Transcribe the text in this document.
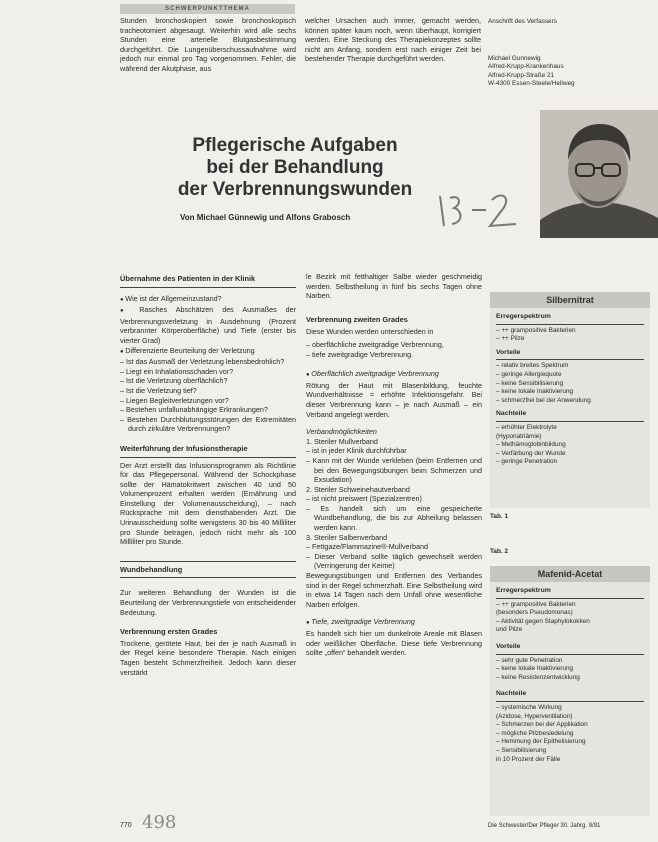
SCHWERPUNKTTHEMA
Stunden bronchoskopiert sowie bronchoskopisch tracheotomiert abgesaugt. Weiterhin wird alle sechs Stunden eine arterielle Blutgasbestimmung durchgeführt. Die Lungenüberschussaufnahme wird jedoch nur einmal pro Tag vorgenommen. Fehler, die während der Akutphase, aus
welcher Ursachen auch immer, gemacht werden, können später kaum noch, wenn überhaupt, korrigiert werden. Eine Steckung des Therapiekonzeptes sollte nicht am Anfang, sondern erst nach einiger Zeit bei bestehender Therapie durchgeführt werden.
Anschrift des Verfassers
Michael Gunnewig
Alfred-Krupp-Krankenhaus
Alfred-Krupp-Straße 21
W-4300 Essen-Steele/Hellweg
Pflegerische Aufgaben
bei der Behandlung
der Verbrennungswunden
Von Michael Günnewig und Alfons Grabosch
15-2
Übernahme des Patienten in der Klinik

● Wie ist der Allgemeinzustand?

● Rasches Abschätzen des Ausmaßes der Verbrennungsverletzung in Ausdehnung (Prozent verbrannter Körperoberfläche) und Tiefe (erster bis vierter Grad)

● Differenzierte Beurteilung der Verletzung

– Ist das Ausmaß der Verletzung lebensbedrohlich?

– Liegt ein Inhalationsschaden vor?

– Ist die Verletzung oberflächlich?

– Ist die Verletzung tief?

– Liegen Begleitverletzungen vor?

– Bestehen unfallunabhängige Erkrankungen?

– Bestehen Durchblutungsstörungen der Extremitäten durch zirkuläre Verbrennungen?

Weiterführung der Infusionstherapie

Der Arzt erstellt das Infusionsprogramm als Richtlinie für das Pflegepersonal. Während der Schockphase sollte der Hämatokritwert zwischen 40 und 50 Volumenprozent erhalten werden (Ernährung und Einstellung der Volumenausscheidung), – nach Rücksprache mit dem diensthabenden Arzt. Die Urinausscheidung sollte wenigstens 30 bis 40 Milliliter pro Stunde betragen, jedoch nicht mehr als 100 Milliliter pro Stunde.

Wundbehandlung

Zur weiteren Behandlung der Wunden ist die Beurteilung der Verbrennungstiefe von entscheidender Bedeutung.

Verbrennung ersten Grades

Trockene, gerötete Haut, bei der je nach Ausmaß in der Regel keine besondere Therapie. Nach einigen Tagen besteht Schmerzfreiheit. Jedoch kann dieser verstärkt

le Bezirk mit fetthaltiger Salbe wieder geschmeidig werden. Selbstheilung in fünf bis sechs Tagen ohne Narben.

Verbrennung zweiten Grades

Diese Wunden werden unterschieden in

– oberflächliche zweitgradige Verbrennung,

– tiefe zweitgradige Verbrennung.

● Oberflächlich zweitgradige Verbrennung

Rötung der Haut mit Blasenbildung, feuchte Wundverhältnisse = erhöhte Infektionsgefahr. Bei dieser Verbrennung kann – je nach Ausmaß – ein Verband angelegt werden.

Verbandmöglichkeiten

1. Steriler Mullverband

– ist in jeder Klinik durchführbar

– Kann mit der Wunde verkleben (beim Entfernen und bei den Bewegungsübungen beim Schmerzen und Exsudation)

2. Steriler Schweinehautverband

– ist nicht preiswert (Spezialzentren)

– Es handelt sich um eine gespeicherte Wundbehandlung, die bis zur Abheilung belassen werden kann.

3. Steriler Salbenverband

– Fettgaze/Flammazine®-Mullverband

– Dieser Verband sollte täglich gewechselt werden (Verringerung der Keime)

Bewegungsübungen und Entfernen des Verbandes sind in der Regel schmerzhaft. Eine Selbstheilung wird in etwa 14 Tagen nach dem Unfall ohne wesentliche Narben erfolgen.

● Tiefe, zweitgradige Verbrennung

Es handelt sich hier um dunkelrote Areale mit Blasen oder weißlicher Oberfläche. Diese tiefe Verbrennung sollte „offen“ behandelt werden.

Silbernitrat
Erregerspektrum
– ++ grampositive Bakterien
– ++ Pilze
Vorteile
– relativ breites Spektrum
– geringe Allergiequote
– keine Sensibilisierung
– keine lokale Inaktivierung
– schmerzfrei bei der Anwendung
Nachteile
– erhöhter Elektrolyte
(Hyponatriämie)
– Methämoglobinbildung
– Verfärbung der Wunde
– geringe Penetration
Tab. 1
Tab. 2
Mafenid-Acetat
Erregerspektrum
– ++ grampositive Bakterien
(besonders Pseudomonas)
– Aktivität gegen Staphylokokken
und Pilze
Vorteile
– sehr gute Penetration
– keine lokale Inaktivierung
– keine Resistenzentwicklung
Nachteile
– systemische Wirkung
(Azidose, Hyperventilation)
– Schmerzen bei der Applikation
– mögliche Pilzbesiedelung
– Hemmung der Epithelisierung
– Sensibilisierung
in 10 Prozent der Fälle
770 498	Die Schwester/Der Pfleger 30. Jahrg. 9/91
